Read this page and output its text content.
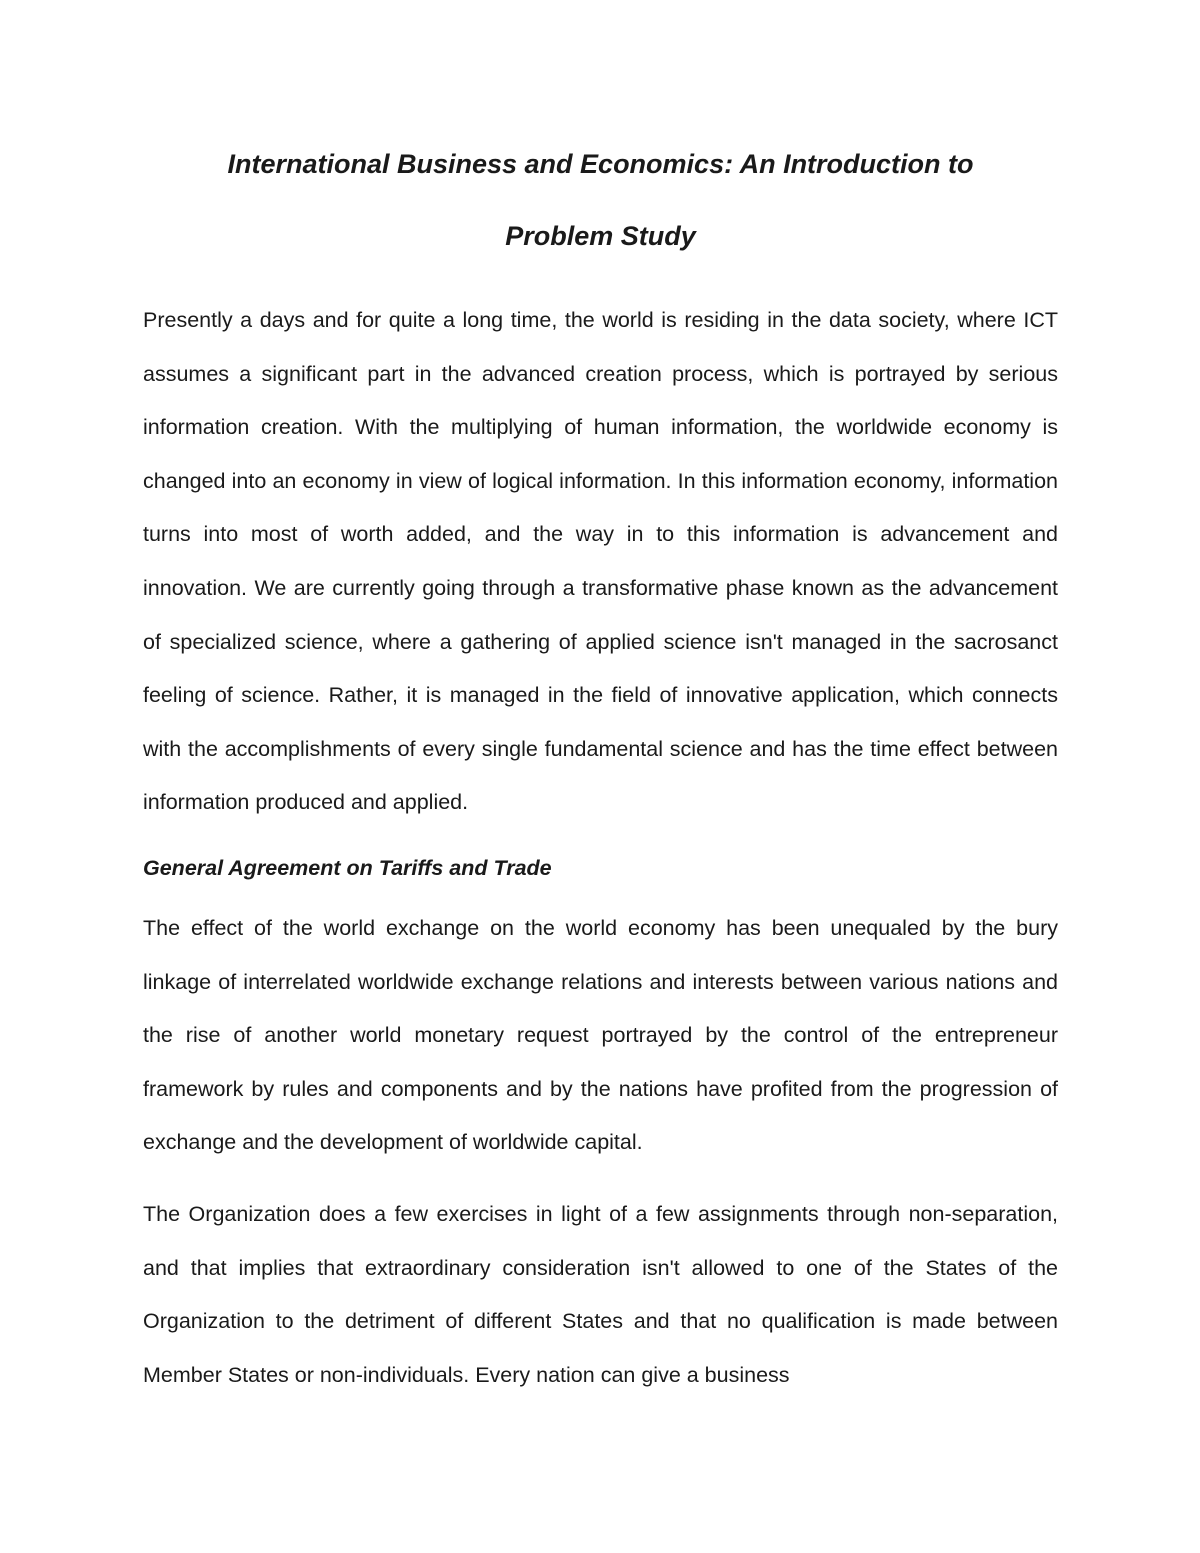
International Business and Economics: An Introduction to
Problem Study

Presently a days and for quite a long time, the world is residing in the data society, where ICT assumes a significant part in the advanced creation process, which is portrayed by serious information creation. With the multiplying of human information, the worldwide economy is changed into an economy in view of logical information. In this information economy, information turns into most of worth added, and the way in to this information is advancement and innovation. We are currently going through a transformative phase known as the advancement of specialized science, where a gathering of applied science isn't managed in the sacrosanct feeling of science. Rather, it is managed in the field of innovative application, which connects with the accomplishments of every single fundamental science and has the time effect between information produced and applied.

General Agreement on Tariffs and Trade

The effect of the world exchange on the world economy has been unequaled by the bury linkage of interrelated worldwide exchange relations and interests between various nations and the rise of another world monetary request portrayed by the control of the entrepreneur framework by rules and components and by the nations have profited from the progression of exchange and the development of worldwide capital.

The Organization does a few exercises in light of a few assignments through non-separation, and that implies that extraordinary consideration isn't allowed to one of the States of the Organization to the detriment of different States and that no qualification is made between Member States or non-individuals. Every nation can give a business
